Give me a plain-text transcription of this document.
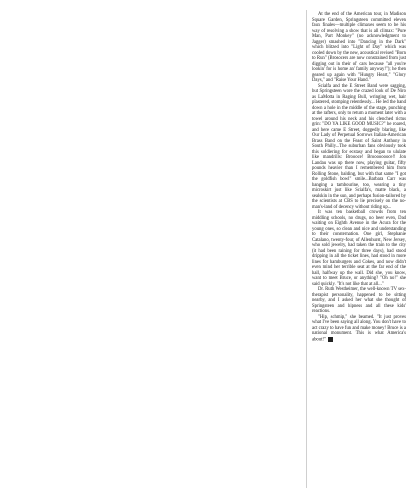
At the end of the American tour, in Madison Square Garden, Springsteen committed eleven faux finales—multiple climaxes seem to be his way of resolving a show that is all climax: "Pure Man, Part Monkey" (no acknowledgment to Jagger) smashed into "Dancing in the Dark" which blitzed into "Light of Day" which was cooled down by the new, acoustical revised "Born to Run" (Brosocers are now constrained from just digging out in their ol' cars because "all you're lookin' for is home an' family anyway!"); he then geared up again with "Hungry Heart," "Glory Days," and "Raise Your Hand."

Scialfa and the E Street Band were sagging, but Springsteen wore the crazed look of De Niro as LaMotta in Raging Bull, wringing wet, hair plastered, stomping relentlessly... He led the band down a hole in the middle of the stage, punching at the rafters, only to return a moment later with a towel around his neck and his clenched rictus grin: "DO YA LIKE GOOD MUSIC?" he roared, and here came E Street, doggedly blaring, like Our Lady of Perpetual Sorrows Italian-American Brass Band on the Feast of Saint Anthony in South Philly...The suburban fans obviously took this soldiering for ecstasy and began to ululate like mandrills: Broooce! Broooooooce!! Jon Landau was up there now, playing guitar, fifty pounds heavier than I remembered him from Rolling Stone, balding, but with that same "I got the goldfish bowl" smile...Barbara Carr was banging a tambourine, too, wearing a tiny microskirt just like Scialfa's, matte black, a sealskin in the sun, and perhaps fusion-tailored by the scientists at CBS to lie precisely on the no-man's-land of decency without riding up...

It was ten basketball crowds from ten middling schools, no drugs, no beer even, Dad waiting on Eighth Avenue in the Acura for the young ones, so clean and nice and understanding to their consternation. One girl, Stephanie Catalano, twenty-four, of Allenhurst, New Jersey, who sold jewelry, had taken the train to the city (it had been raining for three days), had stood dripping in all the ticket lines, had stood in more lines for hamburgers and Cokes, and now didn't even mind her terrible seat at the far end of the hall, halfway up the wall. Did she, you know, want to meet Bruce, or anything? "Oh no!" she said quickly. "It's not like that at all..."

Dr. Ruth Westheimer, the well-known TV sex-therapist personality, happened to be sitting nearby, and I asked her what she thought of Springsteen and hipness and all these kids' reactions.

"Hip, schmip," she beamed. "It just proves what I've been saying all along. You don't have to act crazy to have fun and make money! Bruce is a national monument. This is what America's about!" E
